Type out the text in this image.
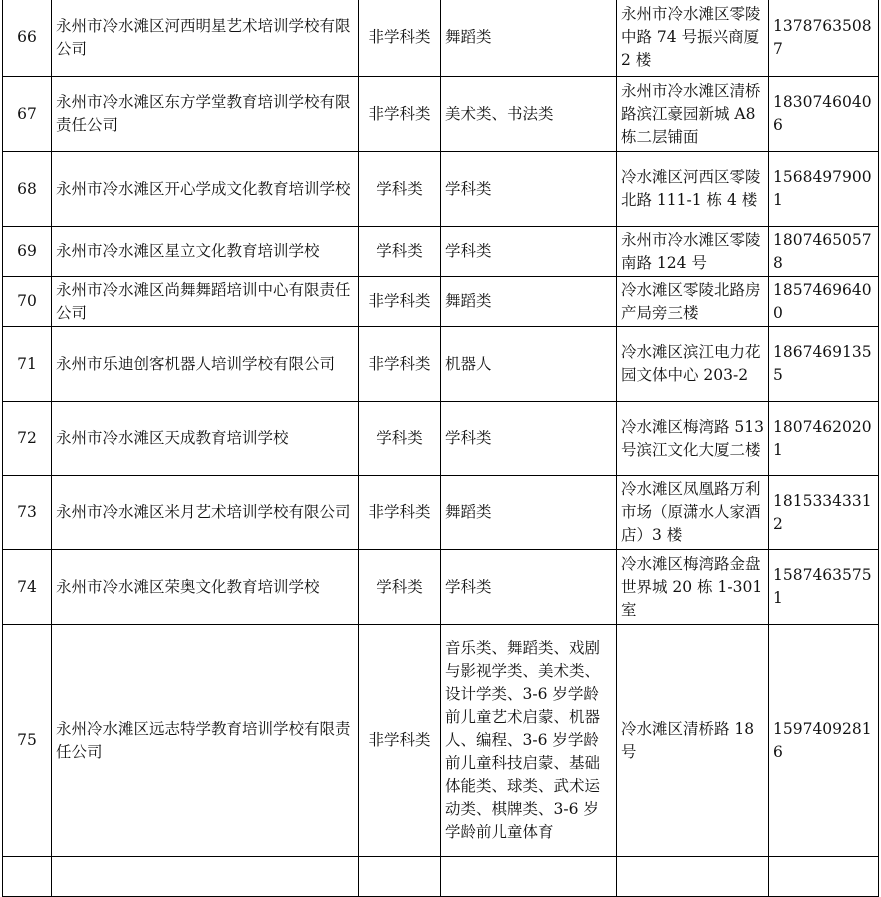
66	永州市冷水滩区河西明星艺术培训学校有限公司	非学科类	舞蹈类	永州市冷水滩区零陵中路 74 号振兴商厦 2 楼	13787635087
67	永州市冷水滩区东方学堂教育培训学校有限责任公司	非学科类	美术类、书法类	永州市冷水滩区清桥路滨江豪园新城 A8 栋二层铺面	18307460406
68	永州市冷水滩区开心学成文化教育培训学校	学科类	学科类	冷水滩区河西区零陵北路 111-1 栋 4 楼	15684979001
69	永州市冷水滩区星立文化教育培训学校	学科类	学科类	永州市冷水滩区零陵南路 124 号	18074650578
70	永州市冷水滩区尚舞舞蹈培训中心有限责任公司	非学科类	舞蹈类	冷水滩区零陵北路房产局旁三楼	18574696400
71	永州市乐迪创客机器人培训学校有限公司	非学科类	机器人	冷水滩区滨江电力花园文体中心 203-2	18674691355
72	永州市冷水滩区天成教育培训学校	学科类	学科类	冷水滩区梅湾路 513 号滨江文化大厦二楼	18074620201
73	永州市冷水滩区米月艺术培训学校有限公司	非学科类	舞蹈类	冷水滩区凤凰路万利市场（原潇水人家酒店）3 楼	18153343312
74	永州市冷水滩区荣奥文化教育培训学校	学科类	学科类	冷水滩区梅湾路金盘世界城 20 栋 1-301 室	15874635751
75	永州冷水滩区远志特学教育培训学校有限责任公司	非学科类	音乐类、舞蹈类、戏剧与影视学类、美术类、设计学类、3-6 岁学龄前儿童艺术启蒙、机器人、编程、3-6 岁学龄前儿童科技启蒙、基础体能类、球类、武术运动类、棋牌类、3-6 岁学龄前儿童体育	冷水滩区清桥路 18 号	15974092816
